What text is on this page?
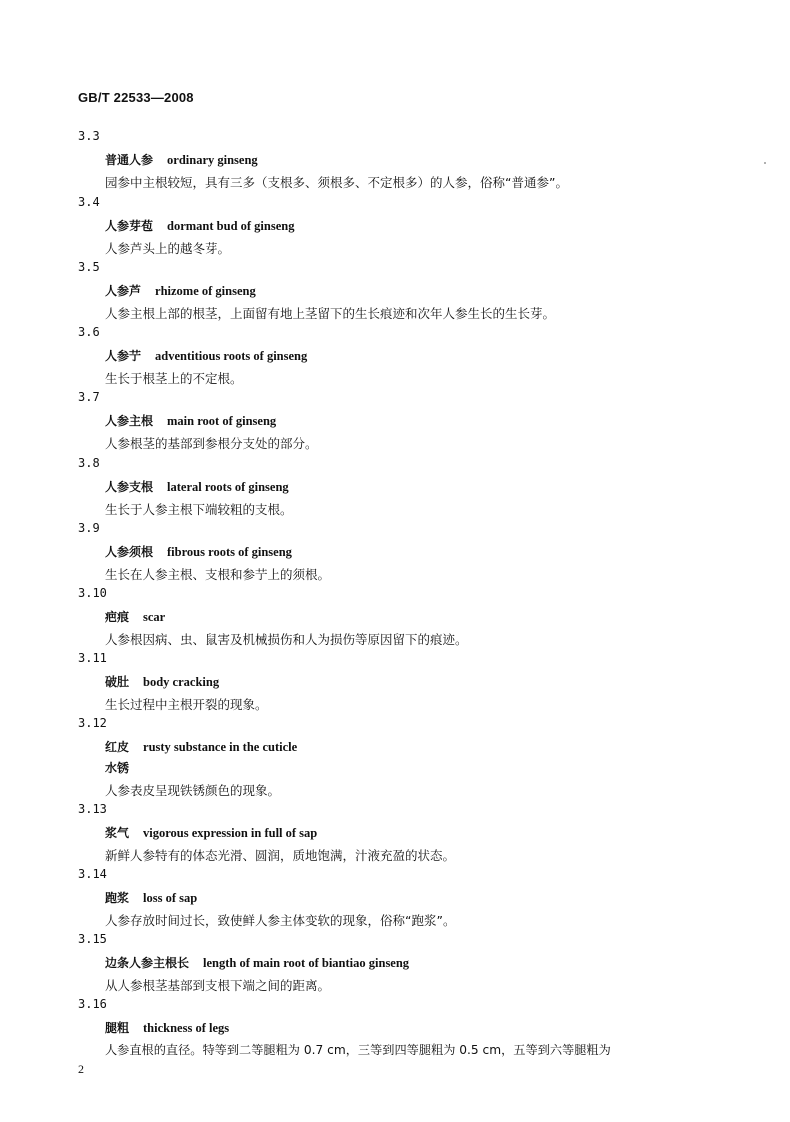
GB/T 22533—2008
3.3
普通人参 ordinary ginseng
园参中主根较短，具有三多（支根多、须根多、不定根多）的人参，俗称“普通参”。
3.4
人参芽苞 dormant bud of ginseng
人参芦头上的越冬芽。
3.5
人参芦 rhizome of ginseng
人参主根上部的根茎，上面留有地上茎留下的生长痕迹和次年人参生长的生长芽。
3.6
人参艼 adventitious roots of ginseng
生长于根茎上的不定根。
3.7
人参主根 main root of ginseng
人参根茎的基部到参根分支处的部分。
3.8
人参支根 lateral roots of ginseng
生长于人参主根下端较粗的支根。
3.9
人参须根 fibrous roots of ginseng
生长在人参主根、支根和参艼上的须根。
3.10
疤痕 scar
人参根因病、虫、鼠害及机械损伤和人为损伤等原因留下的痕迹。
3.11
破肚 body cracking
生长过程中主根开裂的现象。
3.12
红皮 rusty substance in the cuticle
水锈
人参表皮呈现铁锈颜色的现象。
3.13
浆气 vigorous expression in full of sap
新鲜人参特有的体态光滑、圆润，质地饱满，汁液充盈的状态。
3.14
跑浆 loss of sap
人参存放时间过长，致使鲜人参主体变软的现象，俗称“跑浆”。
3.15
边条人参主根长 length of main root of biantiao ginseng
从人参根茎基部到支根下端之间的距离。
3.16
腿粗 thickness of legs
人参直根的直径。特等到二等腿粗为 0.7 cm，三等到四等腿粗为 0.5 cm，五等到六等腿粗为
2
